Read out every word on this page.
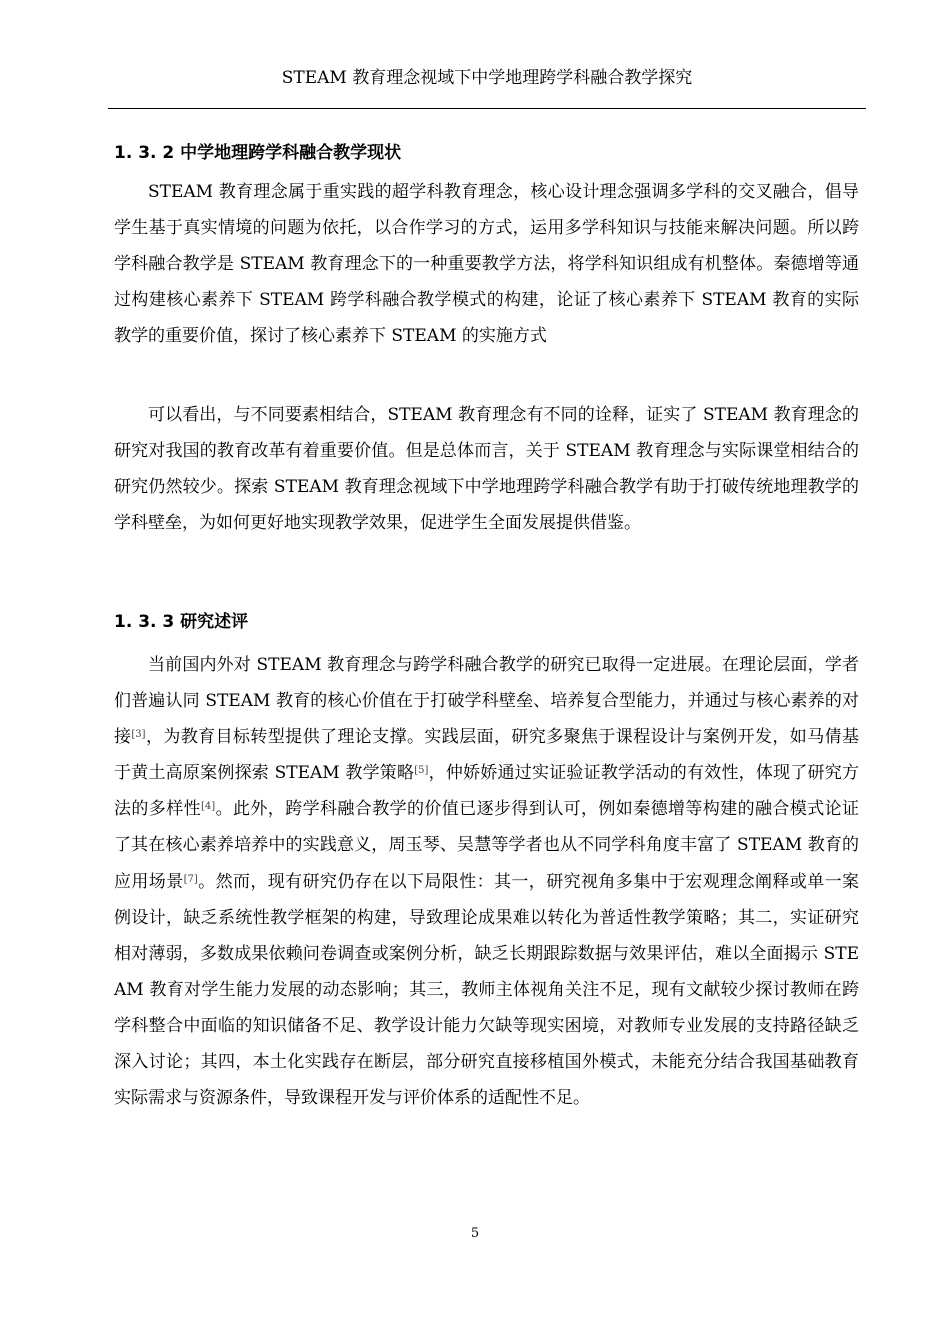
STEAM 教育理念视域下中学地理跨学科融合教学探究
1. 3. 2 中学地理跨学科融合教学现状
STEAM 教育理念属于重实践的超学科教育理念，核心设计理念强调多学科的交叉融合，倡导学生基于真实情境的问题为依托，以合作学习的方式，运用多学科知识与技能来解决问题。所以跨学科融合教学是 STEAM 教育理念下的一种重要教学方法，将学科知识组成有机整体。秦德增等通过构建核心素养下 STEAM 跨学科融合教学模式的构建，论证了核心素养下 STEAM 教育的实际教学的重要价值，探讨了核心素养下 STEAM 的实施方式
可以看出，与不同要素相结合，STEAM 教育理念有不同的诠释，证实了 STEAM 教育理念的研究对我国的教育改革有着重要价值。但是总体而言，关于 STEAM 教育理念与实际课堂相结合的研究仍然较少。探索 STEAM 教育理念视域下中学地理跨学科融合教学有助于打破传统地理教学的学科壁垒，为如何更好地实现教学效果，促进学生全面发展提供借鉴。
1. 3. 3 研究述评
当前国内外对 STEAM 教育理念与跨学科融合教学的研究已取得一定进展。在理论层面，学者们普遍认同 STEAM 教育的核心价值在于打破学科壁垒、培养复合型能力，并通过与核心素养的对接[3]，为教育目标转型提供了理论支撑。实践层面，研究多聚焦于课程设计与案例开发，如马倩基于黄土高原案例探索 STEAM 教学策略[5]，仲娇娇通过实证验证教学活动的有效性，体现了研究方法的多样性[4]。此外，跨学科融合教学的价值已逐步得到认可，例如秦德增等构建的融合模式论证了其在核心素养培养中的实践意义，周玉琴、吴慧等学者也从不同学科角度丰富了 STEAM 教育的应用场景[7]。然而，现有研究仍存在以下局限性：其一，研究视角多集中于宏观理念阐释或单一案例设计，缺乏系统性教学框架的构建，导致理论成果难以转化为普适性教学策略；其二，实证研究相对薄弱，多数成果依赖问卷调查或案例分析，缺乏长期跟踪数据与效果评估，难以全面揭示 STEAM 教育对学生能力发展的动态影响；其三，教师主体视角关注不足，现有文献较少探讨教师在跨学科整合中面临的知识储备不足、教学设计能力欠缺等现实困境，对教师专业发展的支持路径缺乏深入讨论；其四，本土化实践存在断层，部分研究直接移植国外模式，未能充分结合我国基础教育实际需求与资源条件，导致课程开发与评价体系的适配性不足。
5
